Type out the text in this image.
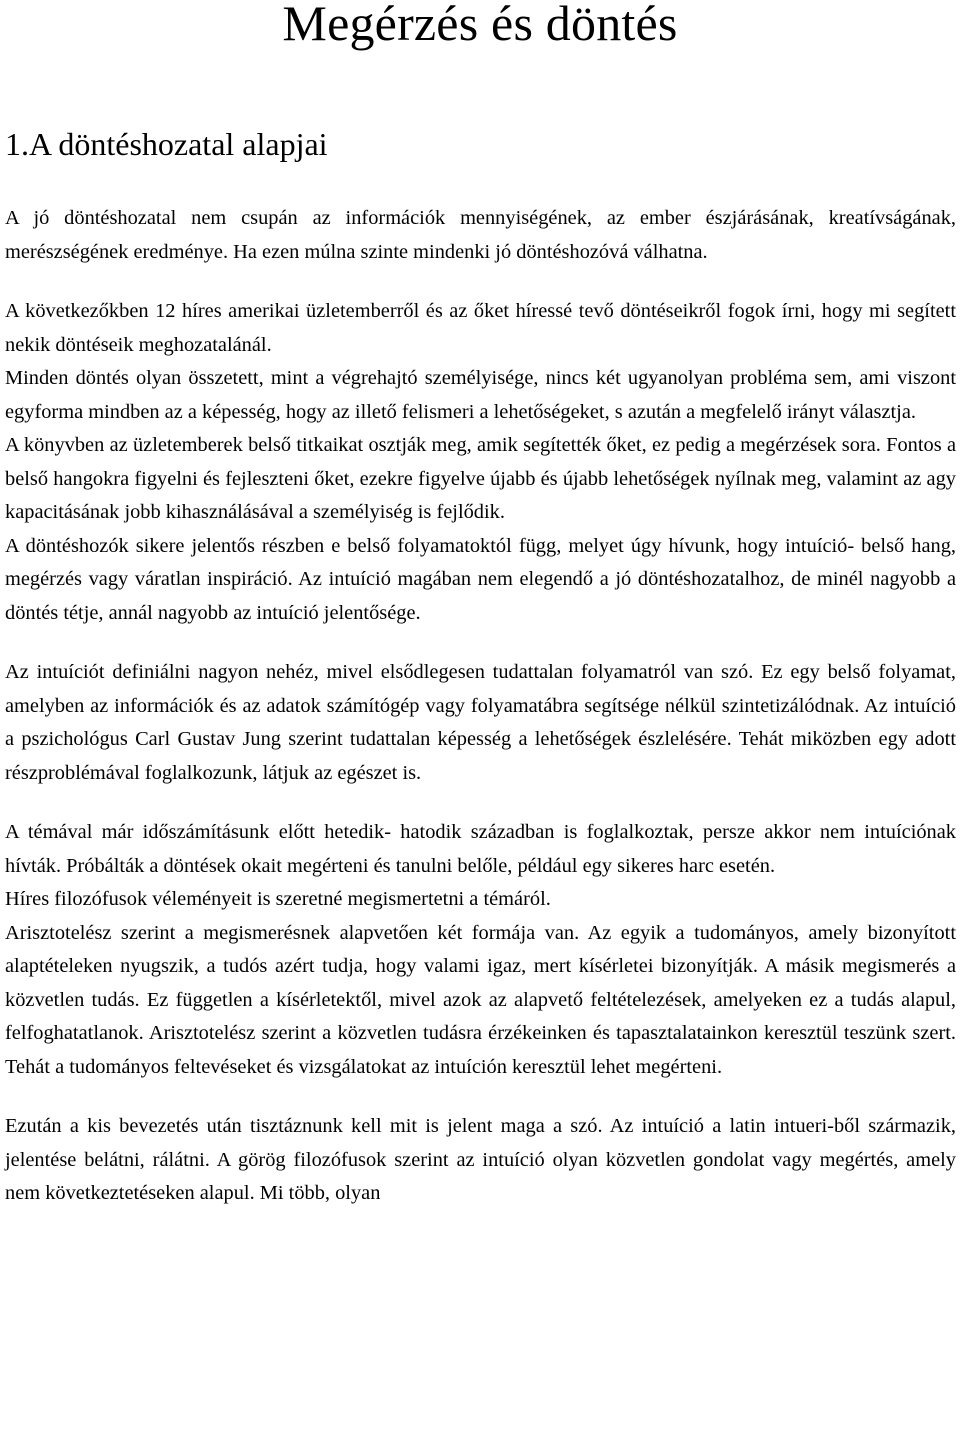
Megérzés és döntés
1.A döntéshozatal alapjai

A jó döntéshozatal nem csupán az információk mennyiségének, az ember észjárásának, kreatívságának, merészségének eredménye. Ha ezen múlna szinte mindenki jó döntéshozóvá válhatna.

A következőkben 12 híres amerikai üzletemberről és az őket híressé tevő döntéseikről fogok írni, hogy mi segített nekik döntéseik meghozatalánál.

Minden döntés olyan összetett, mint a végrehajtó személyisége, nincs két ugyanolyan probléma sem, ami viszont egyforma mindben az a képesség, hogy az illető felismeri a lehetőségeket, s azután a megfelelő irányt választja.

A könyvben az üzletemberek belső titkaikat osztják meg, amik segítették őket, ez pedig a megérzések sora. Fontos a belső hangokra figyelni és fejleszteni őket, ezekre figyelve újabb és újabb lehetőségek nyílnak meg, valamint az agy kapacitásának jobb kihasználásával a személyiség is fejlődik.

A döntéshozók sikere jelentős részben e belső folyamatoktól függ, melyet úgy hívunk, hogy intuíció- belső hang, megérzés vagy váratlan inspiráció. Az intuíció magában nem elegendő a jó döntéshozatalhoz, de minél nagyobb a döntés tétje, annál nagyobb az intuíció jelentősége.

Az intuíciót definiálni nagyon nehéz, mivel elsődlegesen tudattalan folyamatról van szó. Ez egy belső folyamat, amelyben az információk és az adatok számítógép vagy folyamatábra segítsége nélkül szintetizálódnak. Az intuíció a pszichológus Carl Gustav Jung szerint tudattalan képesség a lehetőségek észlelésére. Tehát miközben egy adott részproblémával foglalkozunk, látjuk az egészet is.

A témával már időszámításunk előtt hetedik- hatodik században is foglalkoztak, persze akkor nem intuíciónak hívták. Próbálták a döntések okait megérteni és tanulni belőle, például egy sikeres harc esetén.

Híres filozófusok véleményeit is szeretné megismertetni a témáról.

Arisztotelész szerint a megismerésnek alapvetően két formája van. Az egyik a tudományos, amely bizonyított alaptételeken nyugszik, a tudós azért tudja, hogy valami igaz, mert kísérletei bizonyítják. A másik megismerés a közvetlen tudás. Ez független a kísérletektől, mivel azok az alapvető feltételezések, amelyeken ez a tudás alapul, felfoghatatlanok. Arisztotelész szerint a közvetlen tudásra érzékeinken és tapasztalatainkon keresztül teszünk szert. Tehát a tudományos feltevéseket és vizsgálatokat az intuíción keresztül lehet megérteni.

Ezután a kis bevezetés után tisztáznunk kell mit is jelent maga a szó. Az intuíció a latin intueri-ből származik, jelentése belátni, rálátni. A görög filozófusok szerint az intuíció olyan közvetlen gondolat vagy megértés, amely nem következtetéseken alapul. Mi több, olyan
